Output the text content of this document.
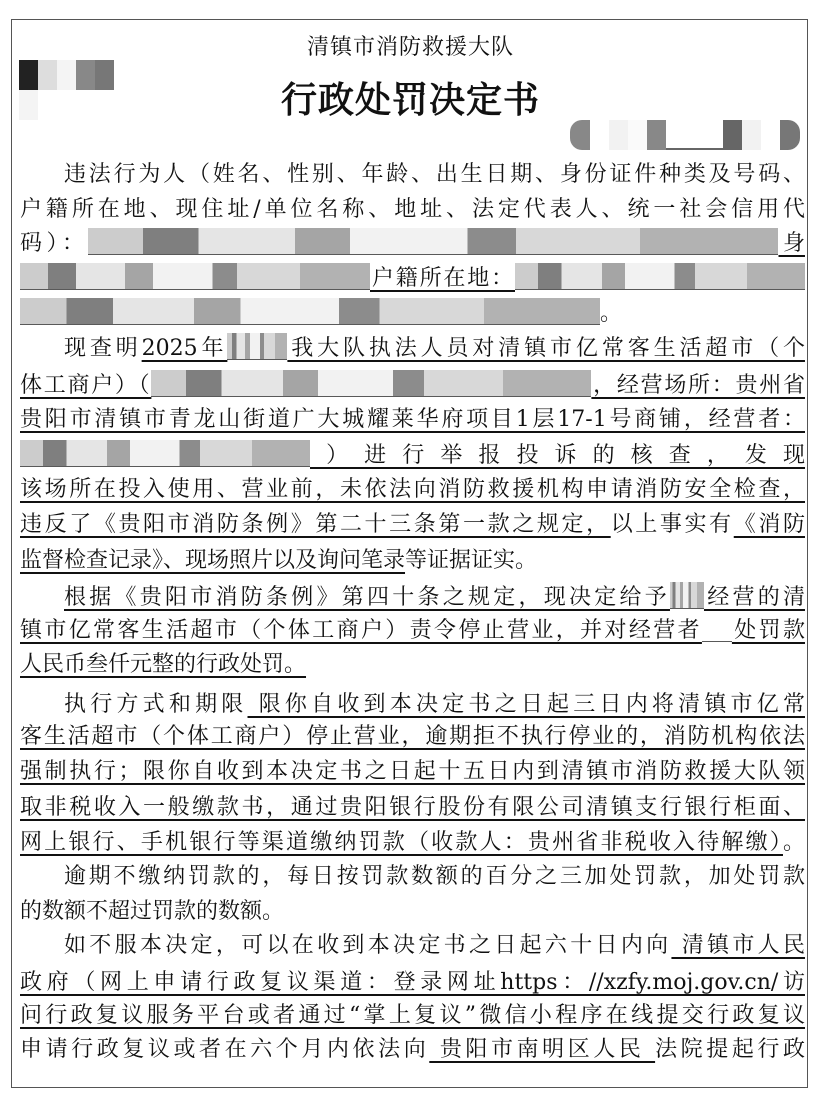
清镇市消防救援大队
行政处罚决定书
违法行为人（姓名、性别、年龄、出生日期、身份证件种类及号码、
户籍所在地、现住址/单位名称、地址、法定代表人、统一社会信用代
码）：	身
户籍所在地：
。
现查明2025年	我大队执法人员对清镇市亿常客生活超市（个
体工商户）（	，经营场所：贵州省
贵阳市清镇市青龙山街道广大城耀莱华府项目1层17-1号商铺，经营者：
）进行举报投诉的核查，发现
该场所在投入使用、营业前，未依法向消防救援机构申请消防安全检查，
违反了《贵阳市消防条例》第二十三条第一款之规定，以上事实有《消防
监督检查记录》、现场照片以及询问笔录等证据证实。
根据《贵阳市消防条例》第四十条之规定，现决定给予 经营的清
镇市亿常客生活超市（个体工商户）责令停止营业，并对经营者 处罚款
人民币叁仟元整的行政处罚。
执行方式和期限 限你自收到本决定书之日起三日内将清镇市亿常
客生活超市（个体工商户）停止营业，逾期拒不执行停业的，消防机构依法
强制执行；限你自收到本决定书之日起十五日内到清镇市消防救援大队领
取非税收入一般缴款书，通过贵阳银行股份有限公司清镇支行银行柜面、
网上银行、手机银行等渠道缴纳罚款（收款人：贵州省非税收入待解缴）。
逾期不缴纳罚款的，每日按罚款数额的百分之三加处罚款，加处罚款
的数额不超过罚款的数额。
如不服本决定，可以在收到本决定书之日起六十日内向 清镇市人民
政府（网上申请行政复议渠道：登录网址https：//xzfy.moj.gov.cn/访
问行政复议服务平台或者通过“掌上复议”微信小程序在线提交行政复议
申请行政复议或者在六个月内依法向 贵阳市南明区人民 法院提起行政
